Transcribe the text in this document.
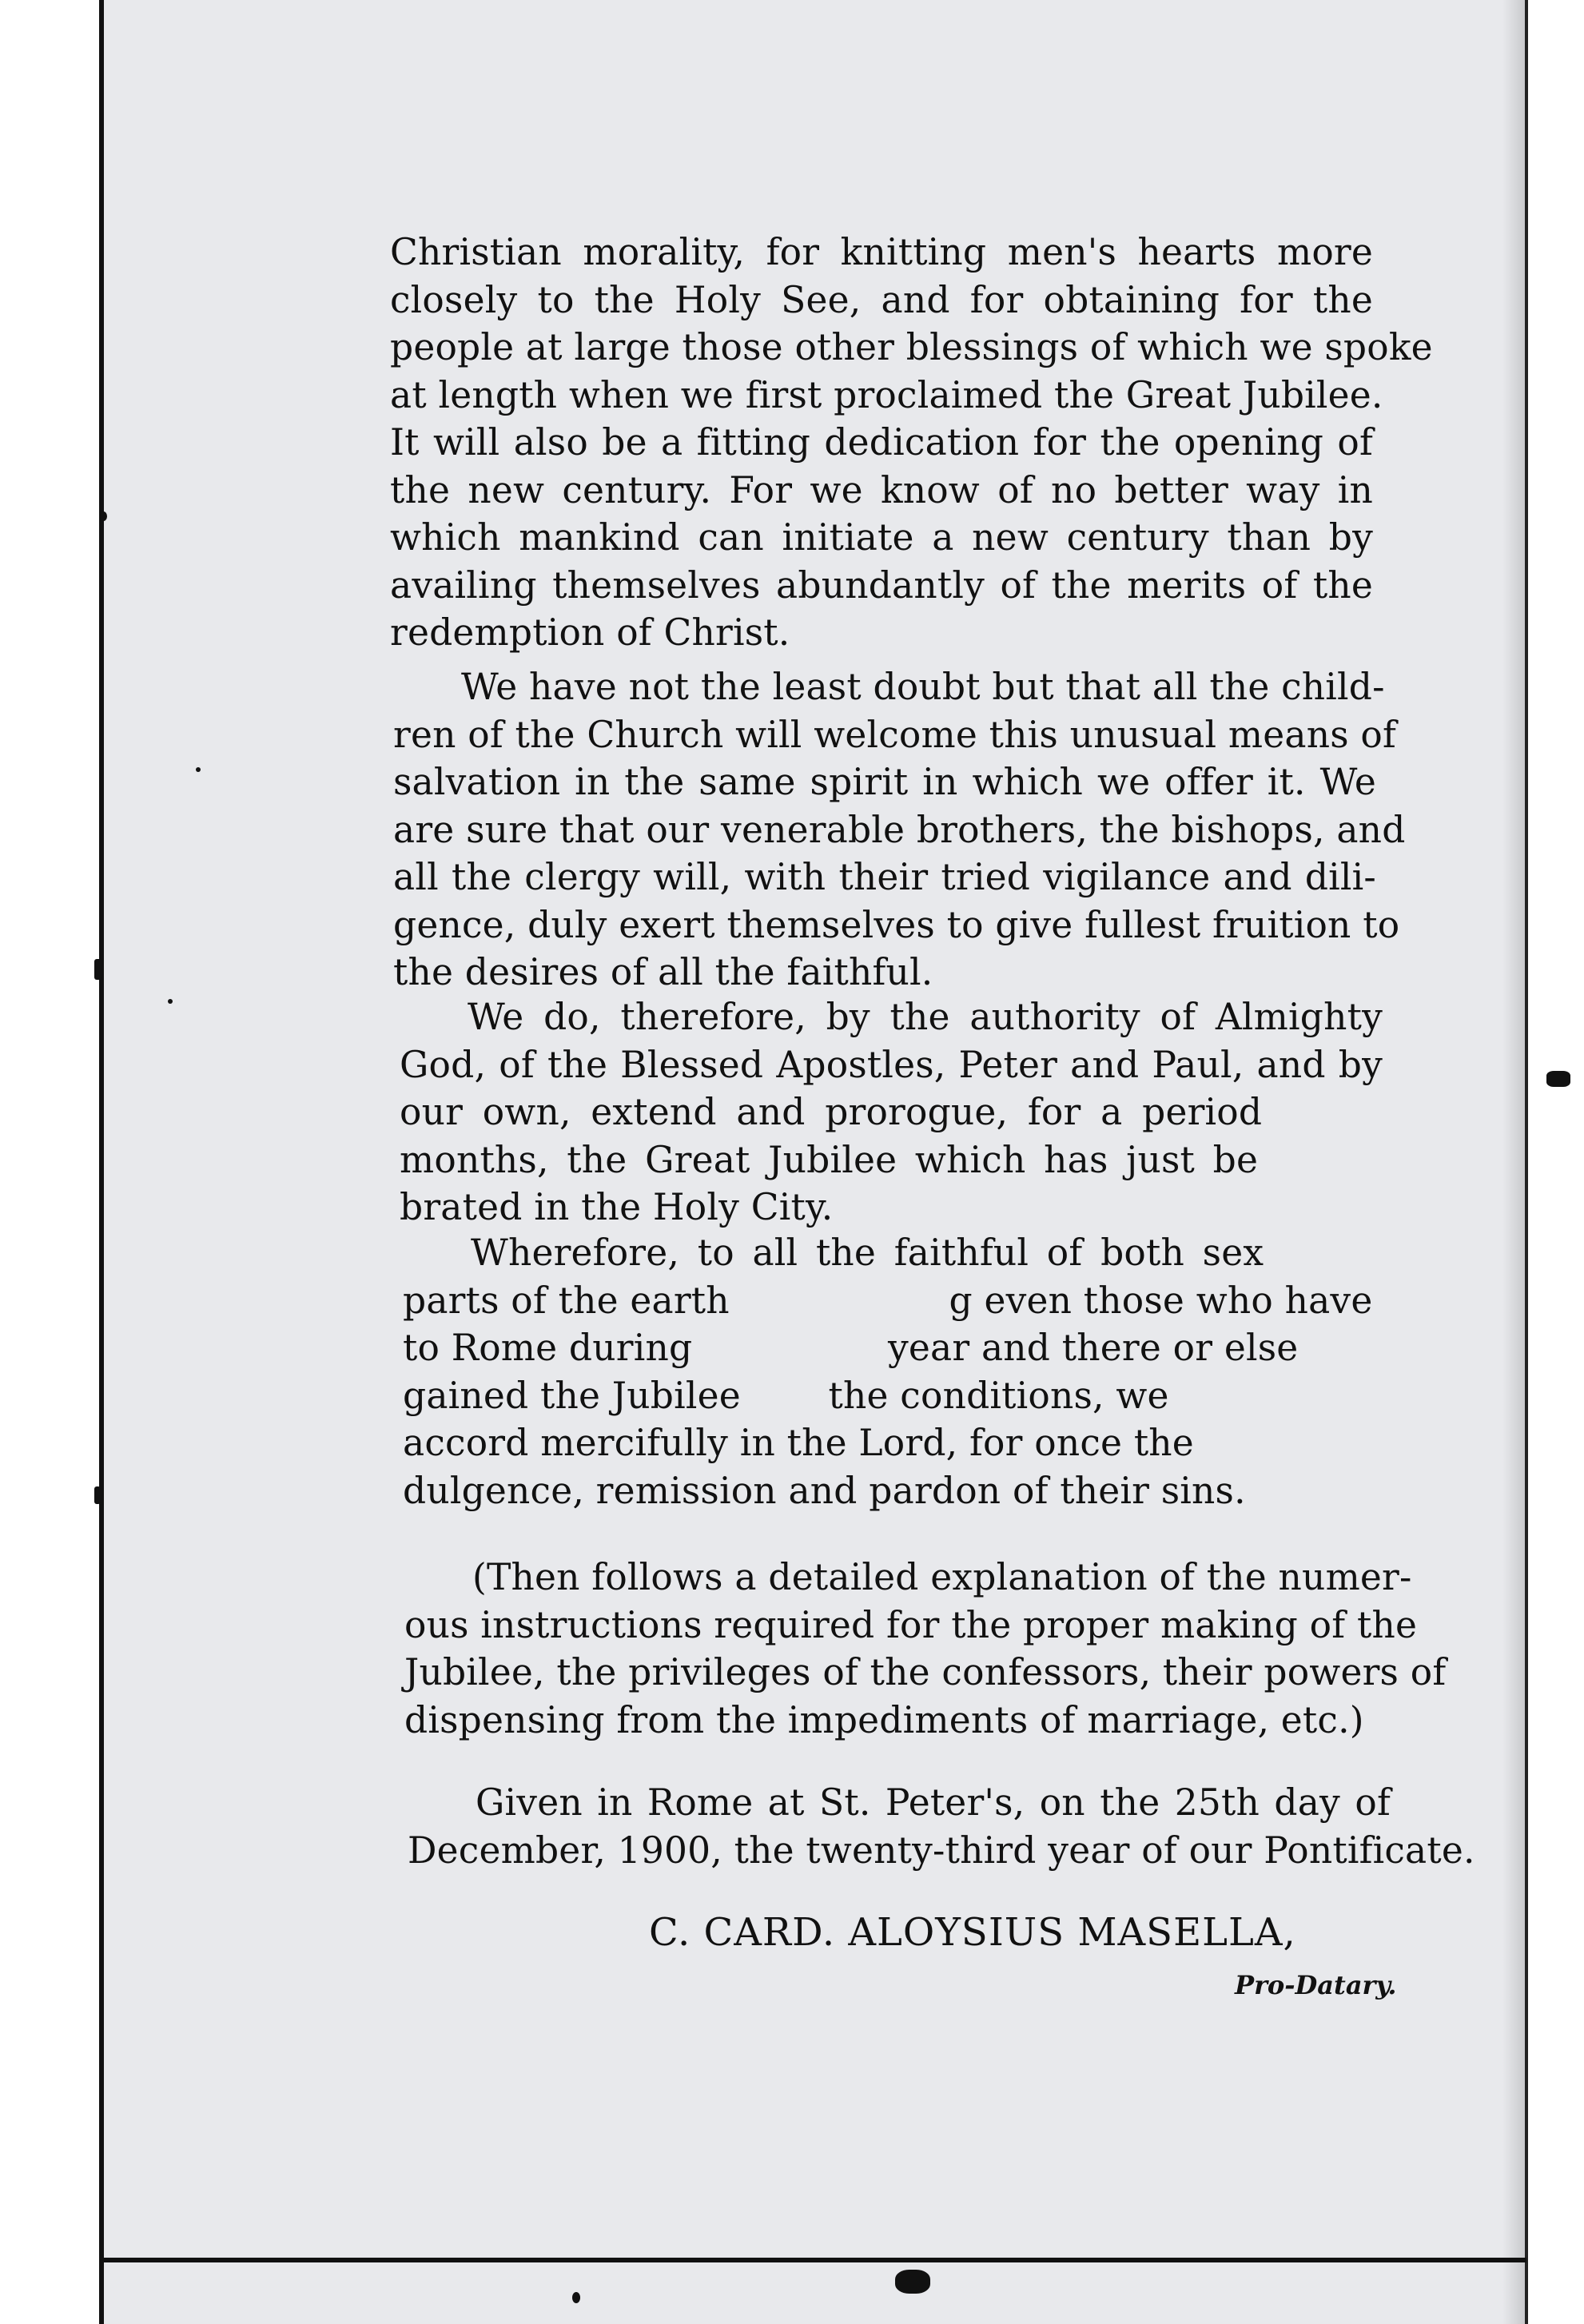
Christian morality, for knitting men's hearts more
closely to the Holy See, and for obtaining for the
people at large those other blessings of which we spoke
at length when we first proclaimed the Great Jubilee.
It will also be a fitting dedication for the opening of
the new century. For we know of no better way in
which mankind can initiate a new century than by
availing themselves abundantly of the merits of the
redemption of Christ.
We have not the least doubt but that all the child-
ren of the Church will welcome this unusual means of
salvation in the same spirit in which we offer it. We
are sure that our venerable brothers, the bishops, and
all the clergy will, with their tried vigilance and dili-
gence, duly exert themselves to give fullest fruition to
the desires of all the faithful.
We do, therefore, by the authority of Almighty
God, of the Blessed Apostles, Peter and Paul, and by
our own, extend and prorogue, for a period
months, the Great Jubilee which has just be
brated in the Holy City.
Wherefore, to all the faithful of both sex
parts of the earth	g even those who have
to Rome during	year and there or else
gained the Jubilee the conditions, we
accord mercifully in the Lord, for once the
dulgence, remission and pardon of their sins.
(Then follows a detailed explanation of the numer-
ous instructions required for the proper making of the
Jubilee, the privileges of the confessors, their powers of
dispensing from the impediments of marriage, etc.)
Given in Rome at St. Peter's, on the 25th day of
December, 1900, the twenty-third year of our Pontificate.
C. CARD. ALOYSIUS MASELLA,
Pro-Datary.
